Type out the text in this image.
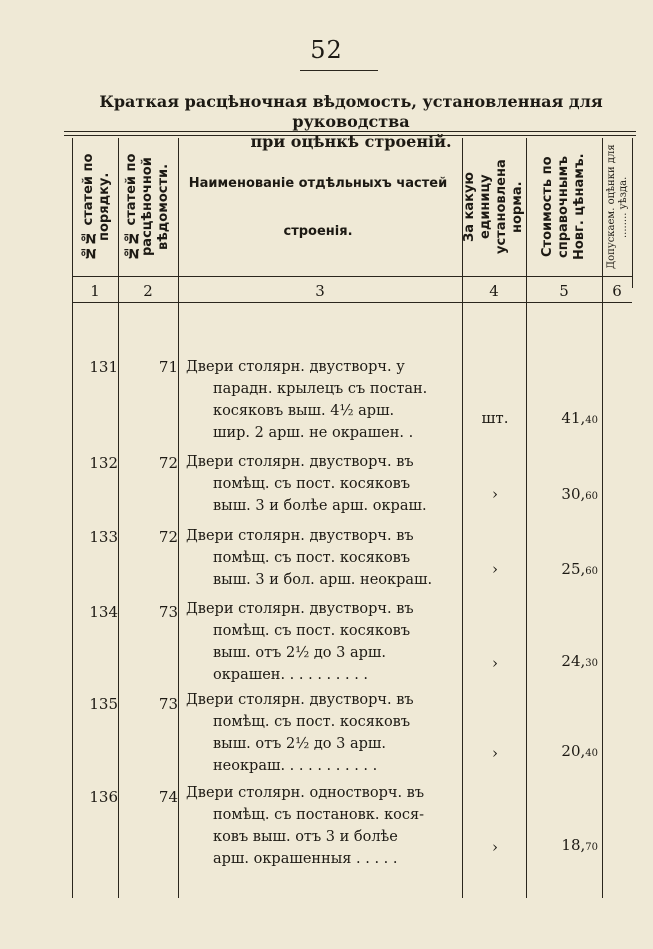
52
Краткая расцѣночная вѣдомость, установленная для руководства
при оцѣнкѣ строеній.
№№ статей по порядку. №№ статей по расцѣночной вѣдомости.	Наименованіе отдѣльныхъ частей
строенія.	За какую единицу установлена норма.	Стоимость по справочнымъ Новг. цѣнамъ.	Допускаем. оцѣнки для ........ уѣзда.
1	2	3	4	5	6
131	71 Двери столярн. двустворч. у
парадн. крылецъ съ постан.
косяковъ выш. 4½ арш.
шир. 2 арш. не окрашен. .
шт.	41,40
132	72 Двери столярн. двустворч. въ
помѣщ. съ пост. косяковъ
выш. 3 и болѣе арш. окраш.
›	30,60
133	72 Двери столярн. двустворч. въ
помѣщ. съ пост. косяковъ
выш. 3 и бол. арш. неокраш.
›	25,60
134	73 Двери столярн. двустворч. въ
помѣщ. съ пост. косяковъ
выш. отъ 2½ до 3 арш.
окрашен. . . . . . . . . .
›	24,30
135	73 Двери столярн. двустворч. въ
помѣщ. съ пост. косяковъ
выш. отъ 2½ до 3 арш.
неокраш. . . . . . . . . . .
›	20,40
136	74 Двери столярн. одностворч. въ
помѣщ. съ постановк. кося-
ковъ выш. отъ 3 и болѣе
арш. окрашенныя . . . . .
›	18,70
